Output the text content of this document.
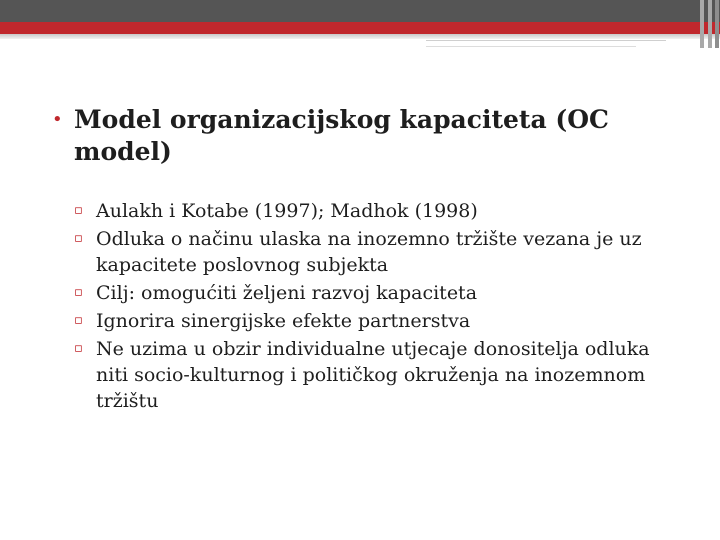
• Model organizacijskog kapaciteta (OC model)
▫ Aulakh i Kotabe (1997); Madhok (1998)
▫ Odluka o načinu ulaska na inozemno tržište vezana je uz kapacitete poslovnog subjekta
▫ Cilj: omogućiti željeni razvoj kapaciteta
▫ Ignorira sinergijske efekte partnerstva
▫ Ne uzima u obzir individualne utjecaje donositelja odluka niti socio-kulturnog i političkog okruženja na inozemnom tržištu
